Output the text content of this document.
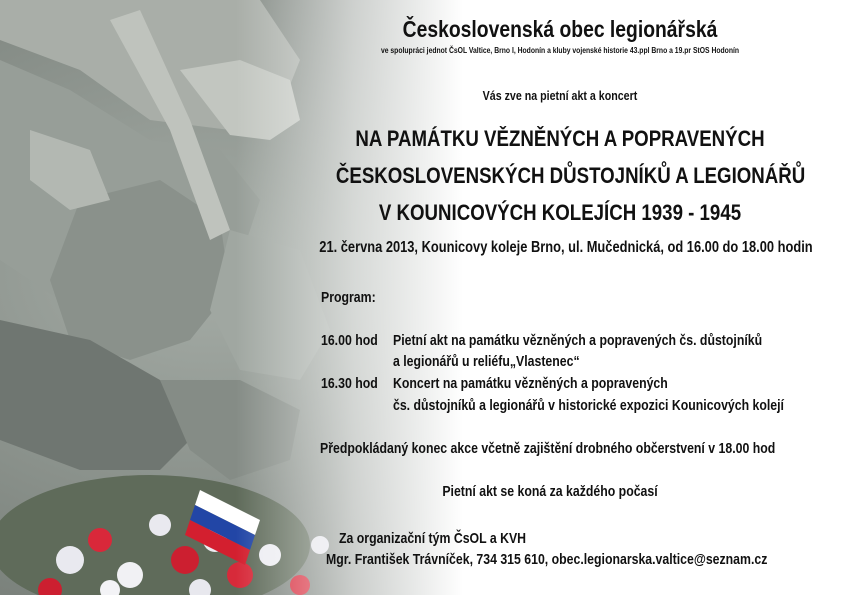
Československá obec legionářská
ve spolupráci jednot ČsOL Valtice, Brno I, Hodonín a kluby vojenské historie 43.ppl Brno a 19.pr StOS Hodonín
Vás zve na pietní akt a koncert
NA PAMÁTKU VĚZNĚNÝCH A POPRAVENÝCH
ČESKOSLOVENSKÝCH DŮSTOJNÍKŮ A LEGIONÁŘŮ
V KOUNICOVÝCH KOLEJÍCH 1939 - 1945
21. června 2013, Kounicovy koleje Brno, ul. Mučednická, od 16.00 do 18.00 hodin
Program:
16.00 hod Pietní akt na památku vězněných a popravených čs. důstojníků
a legionářů u reliéfu„Vlastenec“
16.30 hod Koncert na památku vězněných a popravených
čs. důstojníků a legionářů v historické expozici Kounicových kolejí
Předpokládaný konec akce včetně zajištění drobného občerstvení v 18.00 hod
Pietní akt se koná za každého počasí
Za organizační tým ČsOL a KVH
Mgr. František Trávníček, 734 315 610, obec.legionarska.valtice@seznam.cz
